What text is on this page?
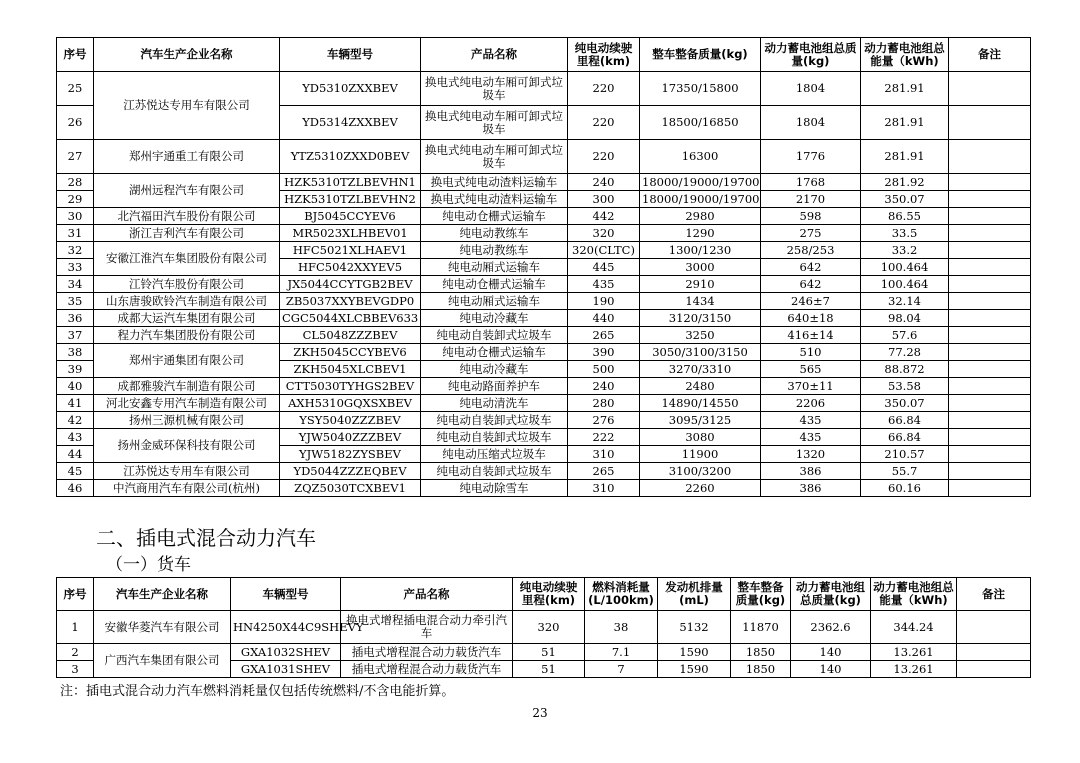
序号	汽车生产企业名称	车辆型号	产品名称	纯电动续驶里程(km)	整车整备质量(kg)	动力蓄电池组总质量(kg)	动力蓄电池组总能量（kWh)	备注
25	江苏悦达专用车有限公司	YD5310ZXXBEV	换电式纯电动车厢可卸式垃圾车	220	17350/15800	1804	281.91	
26		YD5314ZXXBEV	换电式纯电动车厢可卸式垃圾车	220	18500/16850	1804	281.91	
27	郑州宇通重工有限公司	YTZ5310ZXXD0BEV	换电式纯电动车厢可卸式垃圾车	220	16300	1776	281.91	
28	湖州远程汽车有限公司	HZK5310TZLBEVHN1	换电式纯电动渣料运输车	240	18000/19000/19700	1768	281.92	
29		HZK5310TZLBEVHN2	换电式纯电动渣料运输车	300	18000/19000/19700	2170	350.07	
30	北汽福田汽车股份有限公司	BJ5045CCYEV6	纯电动仓栅式运输车	442	2980	598	86.55	
31	浙江吉利汽车有限公司	MR5023XLHBEV01	纯电动教练车	320	1290	275	33.5	
32	安徽江淮汽车集团股份有限公司	HFC5021XLHAEV1	纯电动教练车	320(CLTC)	1300/1230	258/253	33.2	
33		HFC5042XXYEV5	纯电动厢式运输车	445	3000	642	100.464	
34	江铃汽车股份有限公司	JX5044CCYTGB2BEV	纯电动仓栅式运输车	435	2910	642	100.464	
35	山东唐骏欧铃汽车制造有限公司	ZB5037XXYBEVGDP0	纯电动厢式运输车	190	1434	246±7	32.14	
36	成都大运汽车集团有限公司	CGC5044XLCBBEV633	纯电动冷藏车	440	3120/3150	640±18	98.04	
37	程力汽车集团股份有限公司	CL5048ZZZBEV	纯电动自装卸式垃圾车	265	3250	416±14	57.6	
38	郑州宇通集团有限公司	ZKH5045CCYBEV6	纯电动仓栅式运输车	390	3050/3100/3150	510	77.28	
39		ZKH5045XLCBEV1	纯电动冷藏车	500	3270/3310	565	88.872	
40	成都雅骏汽车制造有限公司	CTT5030TYHGS2BEV	纯电动路面养护车	240	2480	370±11	53.58	
41	河北安鑫专用汽车制造有限公司	AXH5310GQXSXBEV	纯电动清洗车	280	14890/14550	2206	350.07	
42	扬州三源机械有限公司	YSY5040ZZZBEV	纯电动自装卸式垃圾车	276	3095/3125	435	66.84	
43	扬州金威环保科技有限公司	YJW5040ZZZBEV	纯电动自装卸式垃圾车	222	3080	435	66.84	
44		YJW5182ZYSBEV	纯电动压缩式垃圾车	310	11900	1320	210.57	
45	江苏悦达专用车有限公司	YD5044ZZZEQBEV	纯电动自装卸式垃圾车	265	3100/3200	386	55.7	
46	中汽商用汽车有限公司(杭州)	ZQZ5030TCXBEV1	纯电动除雪车	310	2260	386	60.16	
二、插电式混合动力汽车
（一）货车
序号	汽车生产企业名称	车辆型号	产品名称	纯电动续驶里程(km)	燃料消耗量(L/100km)	发动机排量(mL)	整车整备质量(kg)	动力蓄电池组总质量(kg)	动力蓄电池组总能量（kWh)	备注
1	安徽华菱汽车有限公司	HN4250X44C9SHEVY	换电式增程插电混合动力牵引汽车	320	38	5132	11870	2362.6	344.24	
2	广西汽车集团有限公司	GXA1032SHEV	插电式增程混合动力载货汽车	51	7.1	1590	1850	140	13.261	
3		GXA1031SHEV	插电式增程混合动力载货汽车	51	7	1590	1850	140	13.261	
注：插电式混合动力汽车燃料消耗量仅包括传统燃料/不含电能折算。
23
